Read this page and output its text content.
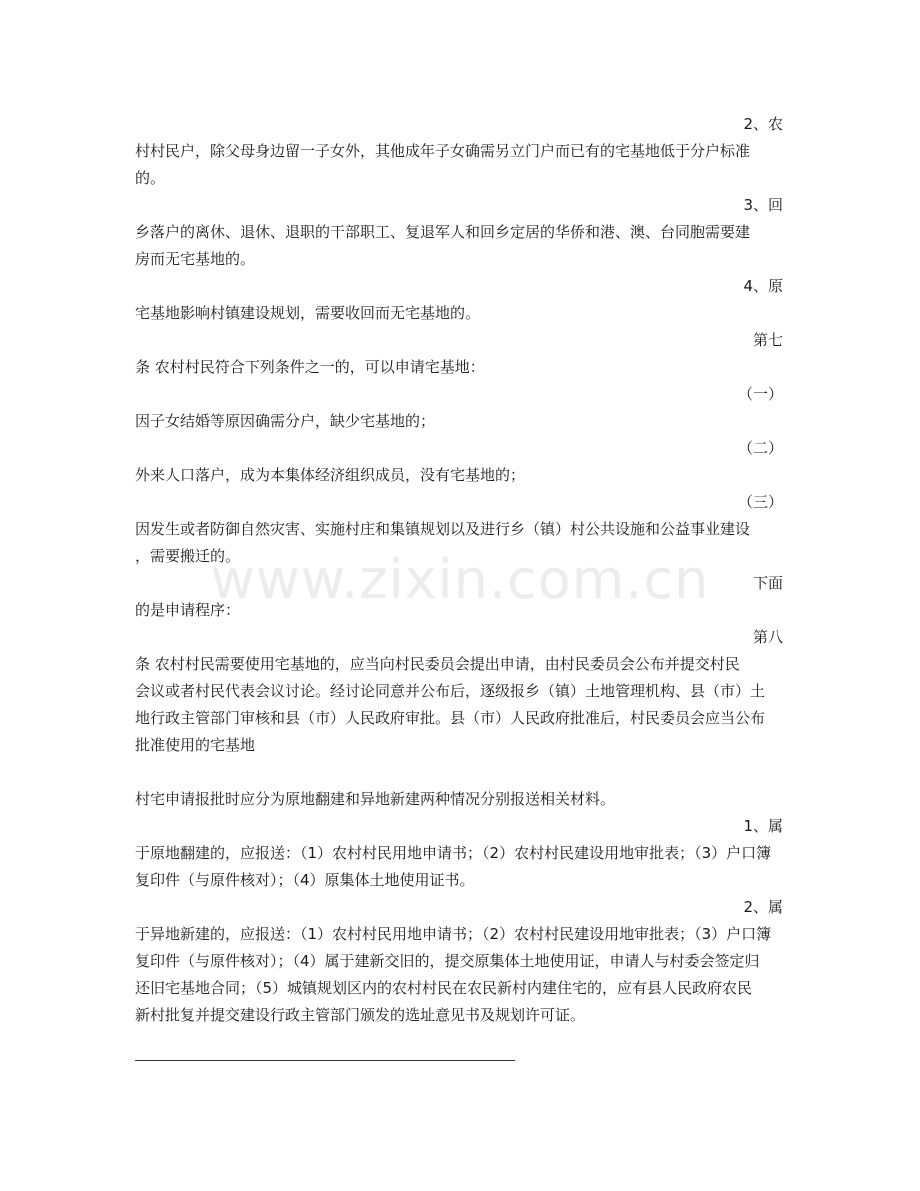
www.zixin.com.cn

2、农

村村民户，除父母身边留一子女外，其他成年子女确需另立门户而已有的宅基地低于分户标准

的。

3、回

乡落户的离休、退休、退职的干部职工、复退军人和回乡定居的华侨和港、澳、台同胞需要建

房而无宅基地的。

4、原

宅基地影响村镇建设规划，需要收回而无宅基地的。

第七

条 农村村民符合下列条件之一的，可以申请宅基地：

（一）

因子女结婚等原因确需分户，缺少宅基地的；

（二）

外来人口落户，成为本集体经济组织成员，没有宅基地的；

（三）

因发生或者防御自然灾害、实施村庄和集镇规划以及进行乡（镇）村公共设施和公益事业建设

，需要搬迁的。

下面

的是申请程序：

第八

条 农村村民需要使用宅基地的，应当向村民委员会提出申请，由村民委员会公布并提交村民

会议或者村民代表会议讨论。经讨论同意并公布后，逐级报乡（镇）土地管理机构、县（市）土

地行政主管部门审核和县（市）人民政府审批。县（市）人民政府批准后，村民委员会应当公布

批准使用的宅基地

村宅申请报批时应分为原地翻建和异地新建两种情况分别报送相关材料。

1、属

于原地翻建的，应报送：（1）农村村民用地申请书；（2）农村村民建设用地审批表；（3）户口簿

复印件（与原件核对）；（4）原集体土地使用证书。

2、属

于异地新建的，应报送：（1）农村村民用地申请书；（2）农村村民建设用地审批表；（3）户口簿

复印件（与原件核对）；（4）属于建新交旧的，提交原集体土地使用证，申请人与村委会签定归

还旧宅基地合同；（5）城镇规划区内的农村村民在农民新村内建住宅的，应有县人民政府农民

新村批复并提交建设行政主管部门颁发的选址意见书及规划许可证。
